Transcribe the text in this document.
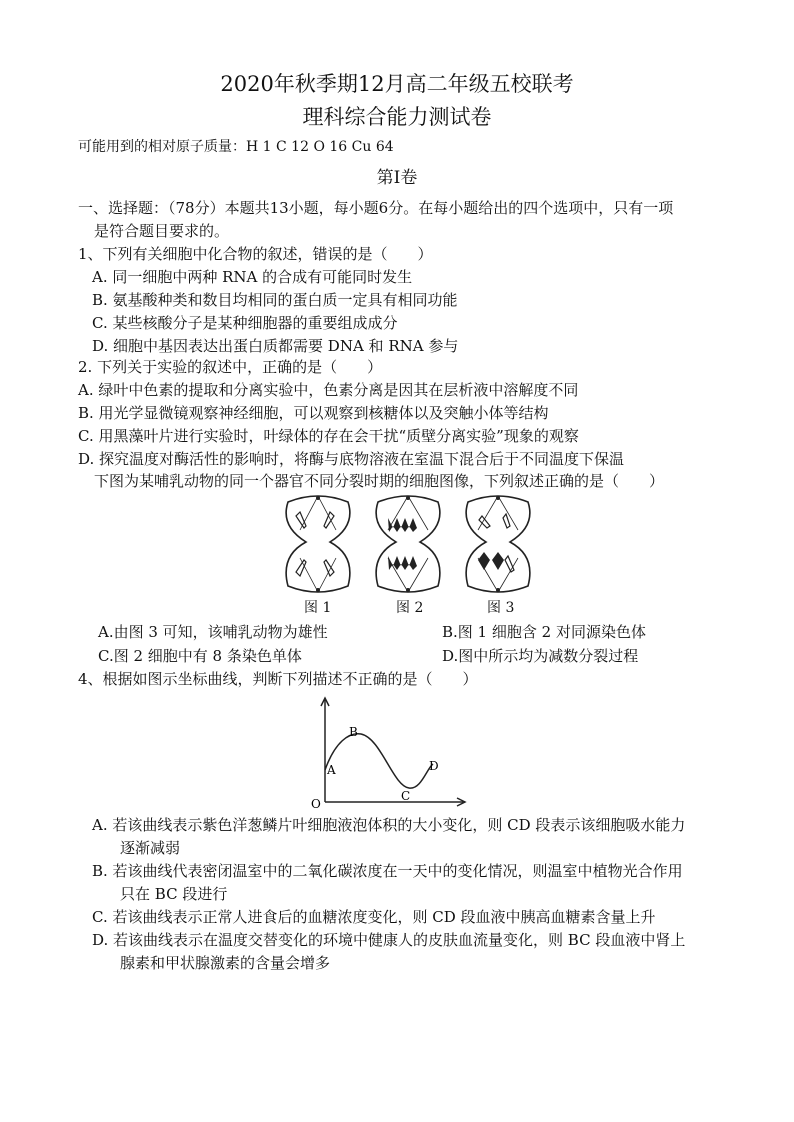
2020年秋季期12月高二年级五校联考
理科综合能力测试卷
可能用到的相对原子质量：H 1 C 12 O 16 Cu 64
第Ⅰ卷
一、选择题：（78分）本题共13小题，每小题6分。在每小题给出的四个选项中，只有一项
是符合题目要求的。
1、下列有关细胞中化合物的叙述，错误的是（　　）
A. 同一细胞中两种 RNA 的合成有可能同时发生
B. 氨基酸种类和数目均相同的蛋白质一定具有相同功能
C. 某些核酸分子是某种细胞器的重要组成成分
D. 细胞中基因表达出蛋白质都需要 DNA 和 RNA 参与
2. 下列关于实验的叙述中，正确的是（　　）
A. 绿叶中色素的提取和分离实验中，色素分离是因其在层析液中溶解度不同
B. 用光学显微镜观察神经细胞，可以观察到核糖体以及突触小体等结构
C. 用黑藻叶片进行实验时，叶绿体的存在会干扰“质壁分离实验”现象的观察
D. 探究温度对酶活性的影响时，将酶与底物溶液在室温下混合后于不同温度下保温
下图为某哺乳动物的同一个器官不同分裂时期的细胞图像，下列叙述正确的是（　　）
图 1	图 2	图 3
A.由图 3 可知，该哺乳动物为雄性	B.图 1 细胞含 2 对同源染色体
C.图 2 细胞中有 8 条染色单体	D.图中所示均为减数分裂过程
4、根据如图示坐标曲线，判断下列描述不正确的是（　　）
O
A
B
C
D
A. 若该曲线表示紫色洋葱鳞片叶细胞液泡体积的大小变化，则 CD 段表示该细胞吸水能力
逐渐减弱
B. 若该曲线代表密闭温室中的二氧化碳浓度在一天中的变化情况，则温室中植物光合作用
只在 BC 段进行
C. 若该曲线表示正常人进食后的血糖浓度变化，则 CD 段血液中胰高血糖素含量上升
D. 若该曲线表示在温度交替变化的环境中健康人的皮肤血流量变化，则 BC 段血液中肾上
腺素和甲状腺激素的含量会增多
